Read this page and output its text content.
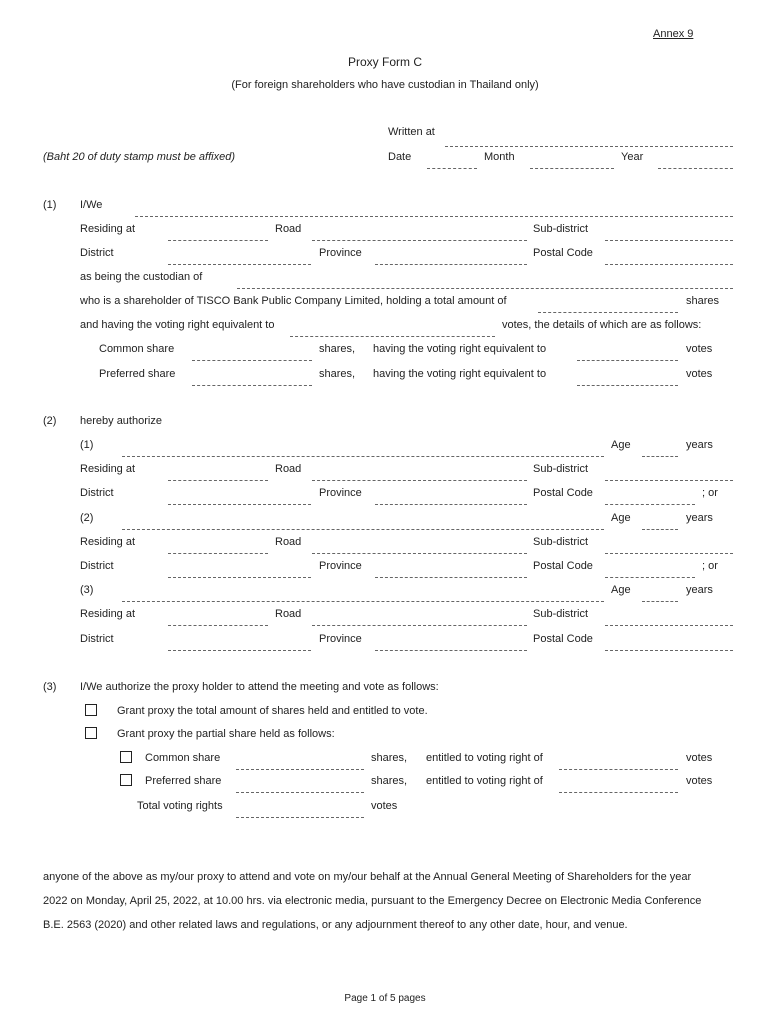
Annex 9
Proxy Form C
(For foreign shareholders who have custodian in Thailand only)
Written at
(Baht 20 of duty stamp must be affixed)	Date	Month	Year
(1) I/We
Residing at	Road	Sub-district
District	Province	Postal Code
as being the custodian of
who is a shareholder of TISCO Bank Public Company Limited, holding a total amount of	shares
and having the voting right equivalent to	votes, the details of which are as follows:
Common share	shares, having the voting right equivalent to	votes
Preferred share	shares, having the voting right equivalent to	votes
(2) hereby authorize
(1)	Age	years
Residing at	Road	Sub-district
District	Province	Postal Code	; or
(2)	Age	years
Residing at	Road	Sub-district
District	Province	Postal Code	; or
(3)	Age	years
Residing at	Road	Sub-district
District	Province	Postal Code
(3) I/We authorize the proxy holder to attend the meeting and vote as follows:
Grant proxy the total amount of shares held and entitled to vote.
Grant proxy the partial share held as follows:
Common share	shares, entitled to voting right of	votes
Preferred share	shares, entitled to voting right of	votes
Total voting rights	votes
anyone of the above as my/our proxy to attend and vote on my/our behalf at the Annual General Meeting of Shareholders for the year
2022 on Monday, April 25, 2022, at 10.00 hrs. via electronic media, pursuant to the Emergency Decree on Electronic Media Conference
B.E. 2563 (2020) and other related laws and regulations, or any adjournment thereof to any other date, hour, and venue.
Page 1 of 5 pages
